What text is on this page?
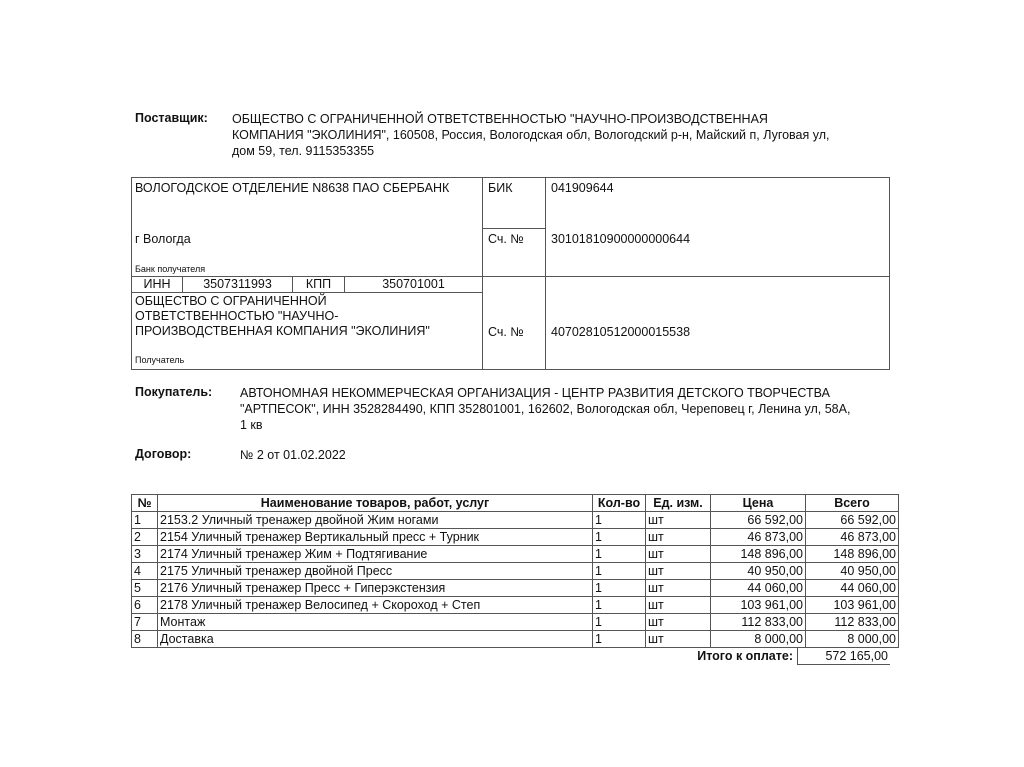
Поставщик: ОБЩЕСТВО С ОГРАНИЧЕННОЙ ОТВЕТСТВЕННОСТЬЮ "НАУЧНО-ПРОИЗВОДСТВЕННАЯ
КОМПАНИЯ "ЭКОЛИНИЯ", 160508, Россия, Вологодская обл, Вологодский р-н, Майский п, Луговая ул,
дом 59, тел. 9115353355
ВОЛОГОДСКОЕ ОТДЕЛЕНИЕ N8638 ПАО СБЕРБАНК
г Вологда
Банк получателя
БИК	041909644
Сч. № 30101810900000000644
ИНН	3507311993	КПП	350701001
ОБЩЕСТВО С ОГРАНИЧЕННОЙ
ОТВЕТСТВЕННОСТЬЮ "НАУЧНО-
ПРОИЗВОДСТВЕННАЯ КОМПАНИЯ "ЭКОЛИНИЯ"
Получатель
Сч. № 40702810512000015538
Покупатель: АВТОНОМНАЯ НЕКОММЕРЧЕСКАЯ ОРГАНИЗАЦИЯ - ЦЕНТР РАЗВИТИЯ ДЕТСКОГО ТВОРЧЕСТВА
"АРТПЕСОК", ИНН 3528284490, КПП 352801001, 162602, Вологодская обл, Череповец г, Ленина ул, 58А,
1 кв
Договор:	№ 2 от 01.02.2022
№	Наименование товаров, работ, услуг	Кол-во	Ед. изм.	Цена	Всего
1	2153.2 Уличный тренажер двойной Жим ногами	1	шт	66 592,00	66 592,00
2	2154 Уличный тренажер Вертикальный пресс + Турник	1	шт	46 873,00	46 873,00
3	2174 Уличный тренажер Жим + Подтягивание	1	шт	148 896,00	148 896,00
4	2175 Уличный тренажер двойной Пресс	1	шт	40 950,00	40 950,00
5	2176 Уличный тренажер Пресс + Гиперэкстензия	1	шт	44 060,00	44 060,00
6	2178 Уличный тренажер Велосипед + Скороход + Степ	1	шт	103 961,00	103 961,00
7	Монтаж	1	шт	112 833,00	112 833,00
8	Доставка	1	шт	8 000,00	8 000,00
Итого к оплате:	572 165,00
